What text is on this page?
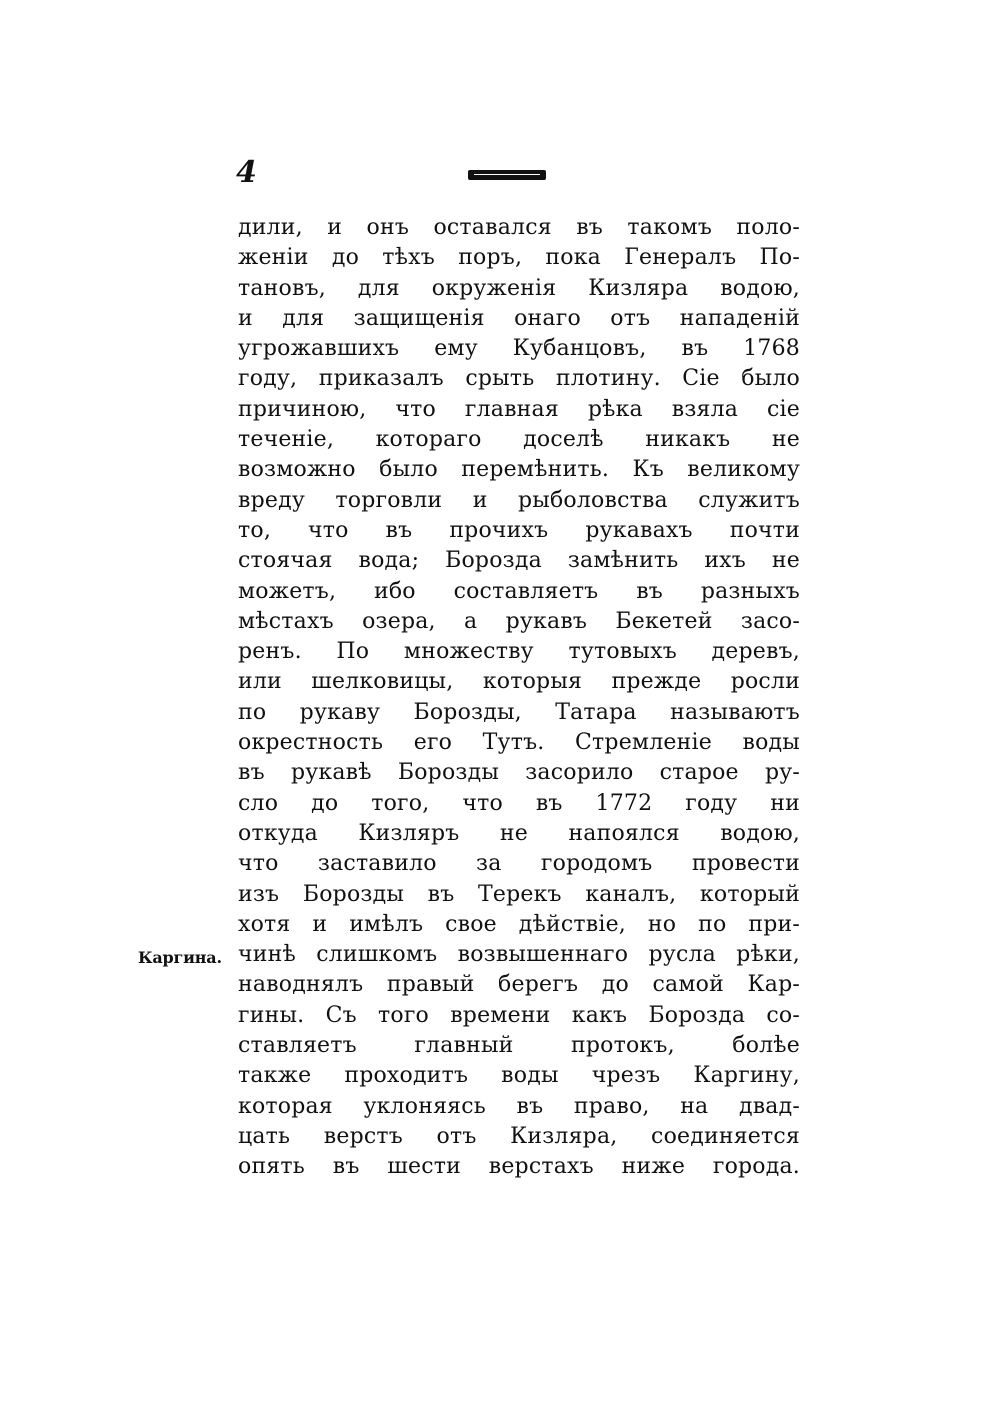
4
Каргина.
дили, и онъ оставался въ такомъ поло-
женіи до тѣхъ поръ, пока Генералъ По-
тановъ, для окруженія Кизляра водою,
и для защищенія онаго отъ нападеній
угрожавшихъ ему Кубанцовъ, въ 1768
году, приказалъ срыть плотину. Сіе было
причиною, что главная рѣка взяла сіе
теченіе, котораго доселѣ никакъ не
возможно было перемѣнить. Къ великому
вреду торговли и рыболовства служитъ
то, что въ прочихъ рукавахъ почти
стоячая вода; Борозда замѣнить ихъ не
можетъ, ибо составляетъ въ разныхъ
мѣстахъ озера, а рукавъ Бекетей засо-
ренъ. По множеству тутовыхъ деревъ,
или шелковицы, которыя прежде росли
по рукаву Борозды, Татара называютъ
окрестность его Тутъ. Стремленіе воды
въ рукавѣ Борозды засорило старое ру-
сло до того, что въ 1772 году ни
откуда Кизляръ не напоялся водою,
что заставило за городомъ провести
изъ Борозды въ Терекъ каналъ, который
хотя и имѣлъ свое дѣйствіе, но по при-
чинѣ слишкомъ возвышеннаго русла рѣки,
наводнялъ правый берегъ до самой Кар-
гины. Съ того времени какъ Борозда со-
ставляетъ главный протокъ, болѣе
также проходитъ воды чрезъ Каргину,
которая уклоняясь въ право, на двад-
цать верстъ отъ Кизляра, соединяется
опять въ шести верстахъ ниже города.
